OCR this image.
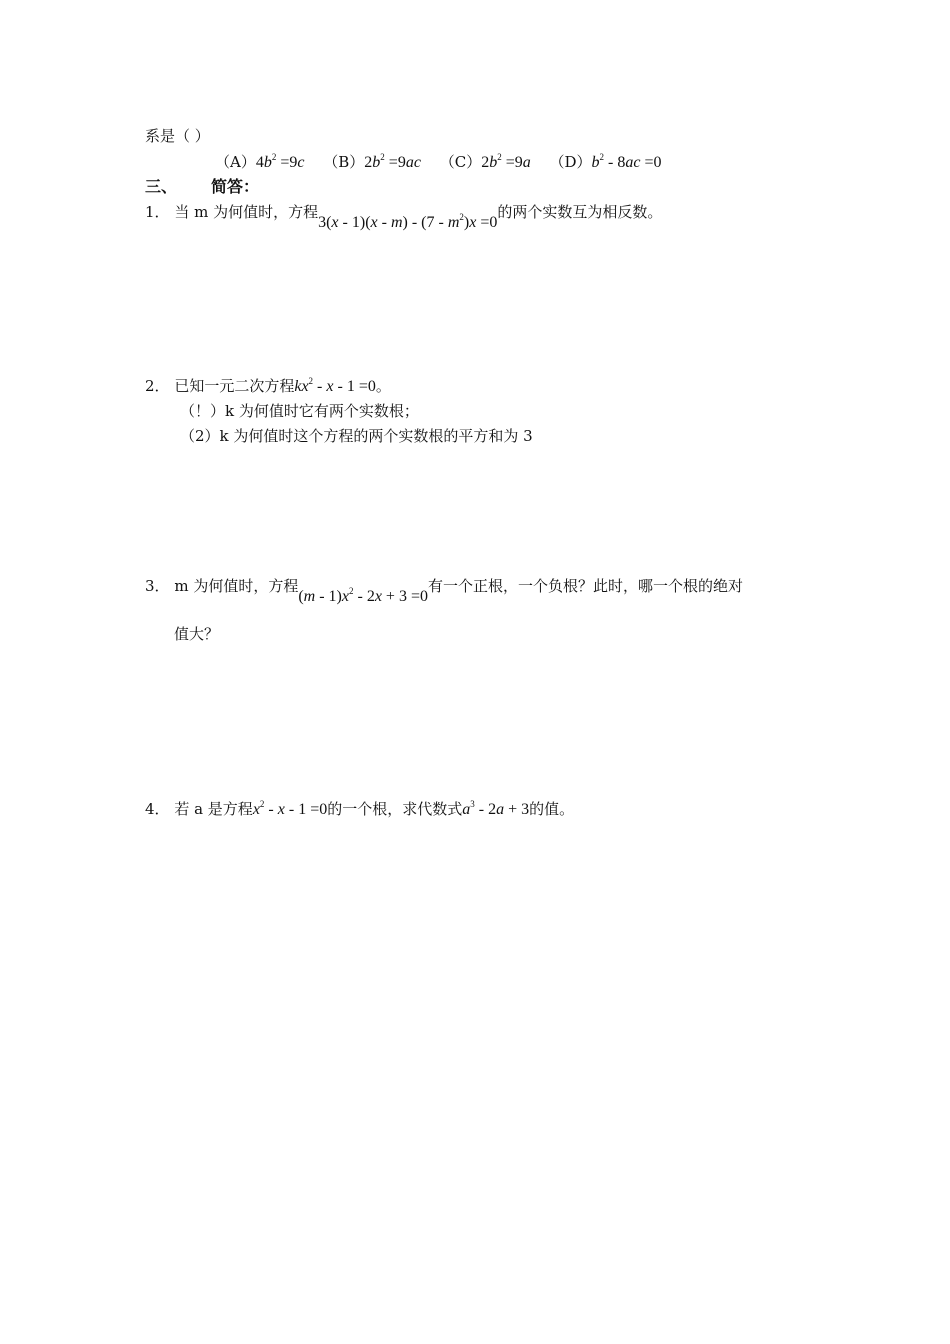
系是（ ）
$(A)4b^2 =9c$ $(B)2b^2 =9ac$ $(C)2b^2 =9a$ $(D)b^2 - 8ac =0$
三、 简答：
1． 当 m 为何值时，方程$3(x - 1)(x - m) - (7 - m^2)x =0$的两个实数互为相反数。
2． 已知一元二次方程$kx^2 - x - 1 =0$。
（！）k 为何值时它有两个实数根；
（2）k 为何值时这个方程的两个实数根的平方和为 3
3． m 为何值时，方程$(m - 1)x^2 - 2x + 3 =0$有一个正根，一个负根？此时，哪一个根的绝对
值大？
4． 若 a 是方程$x^2 - x - 1 =0$的一个根，求代数式$a^3 - 2a + 3$的值。
